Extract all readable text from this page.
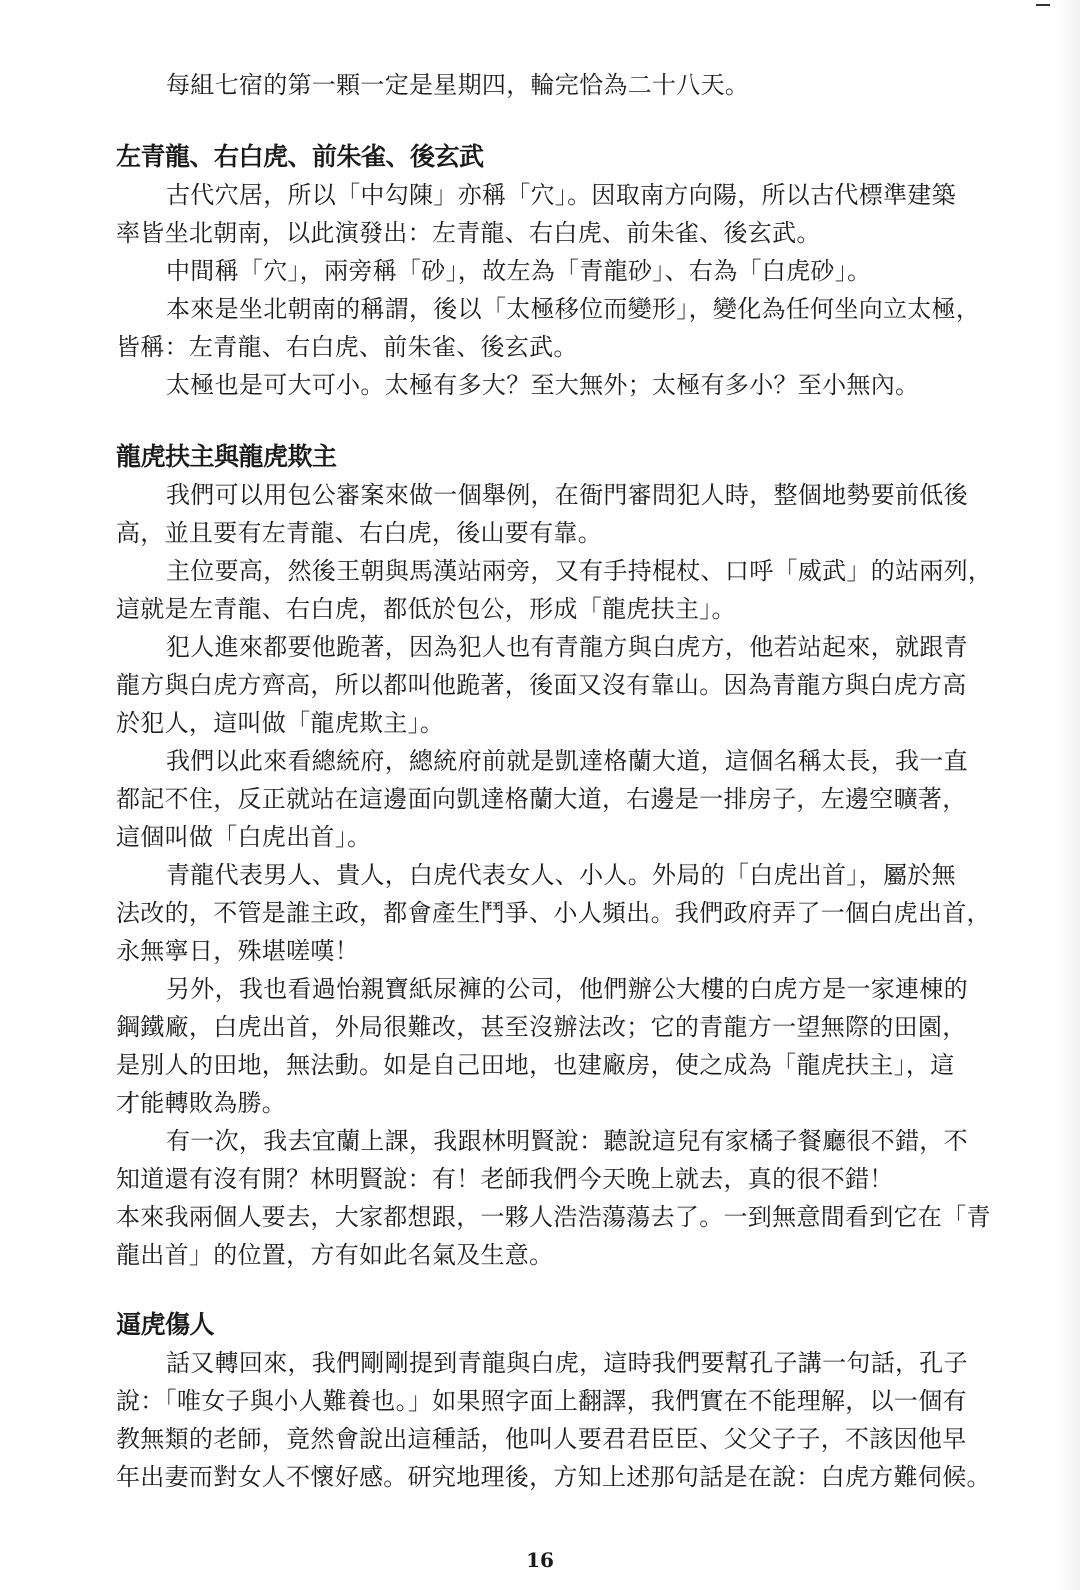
每組七宿的第一顆一定是星期四，輪完恰為二十八天。
左青龍、右白虎、前朱雀、後玄武
古代穴居，所以「中勾陳」亦稱「穴」。因取南方向陽，所以古代標準建築
率皆坐北朝南，以此演發出：左青龍、右白虎、前朱雀、後玄武。
中間稱「穴」，兩旁稱「砂」，故左為「青龍砂」、右為「白虎砂」。
本來是坐北朝南的稱謂，後以「太極移位而變形」，變化為任何坐向立太極，
皆稱：左青龍、右白虎、前朱雀、後玄武。
太極也是可大可小。太極有多大？至大無外；太極有多小？至小無內。
龍虎扶主與龍虎欺主
我們可以用包公審案來做一個舉例，在衙門審問犯人時，整個地勢要前低後
高，並且要有左青龍、右白虎，後山要有靠。
主位要高，然後王朝與馬漢站兩旁，又有手持棍杖、口呼「威武」的站兩列，
這就是左青龍、右白虎，都低於包公，形成「龍虎扶主」。
犯人進來都要他跪著，因為犯人也有青龍方與白虎方，他若站起來，就跟青
龍方與白虎方齊高，所以都叫他跪著，後面又沒有靠山。因為青龍方與白虎方高
於犯人，這叫做「龍虎欺主」。
我們以此來看總統府，總統府前就是凱達格蘭大道，這個名稱太長，我一直
都記不住，反正就站在這邊面向凱達格蘭大道，右邊是一排房子，左邊空曠著，
這個叫做「白虎出首」。
青龍代表男人、貴人，白虎代表女人、小人。外局的「白虎出首」，屬於無
法改的，不管是誰主政，都會產生鬥爭、小人頻出。我們政府弄了一個白虎出首，
永無寧日，殊堪嗟嘆！
另外，我也看過怡親寶紙尿褲的公司，他們辦公大樓的白虎方是一家連棟的
鋼鐵廠，白虎出首，外局很難改，甚至沒辦法改；它的青龍方一望無際的田園，
是別人的田地，無法動。如是自己田地，也建廠房，使之成為「龍虎扶主」，這
才能轉敗為勝。
有一次，我去宜蘭上課，我跟林明賢說：聽說這兒有家橘子餐廳很不錯，不
知道還有沒有開？林明賢說：有！老師我們今天晚上就去，真的很不錯！
本來我兩個人要去，大家都想跟，一夥人浩浩蕩蕩去了。一到無意間看到它在「青
龍出首」的位置，方有如此名氣及生意。
逼虎傷人
話又轉回來，我們剛剛提到青龍與白虎，這時我們要幫孔子講一句話，孔子
說：「唯女子與小人難養也。」如果照字面上翻譯，我們實在不能理解，以一個有
教無類的老師，竟然會說出這種話，他叫人要君君臣臣、父父子子，不該因他早
年出妻而對女人不懷好感。研究地理後，方知上述那句話是在說：白虎方難伺候。
16
